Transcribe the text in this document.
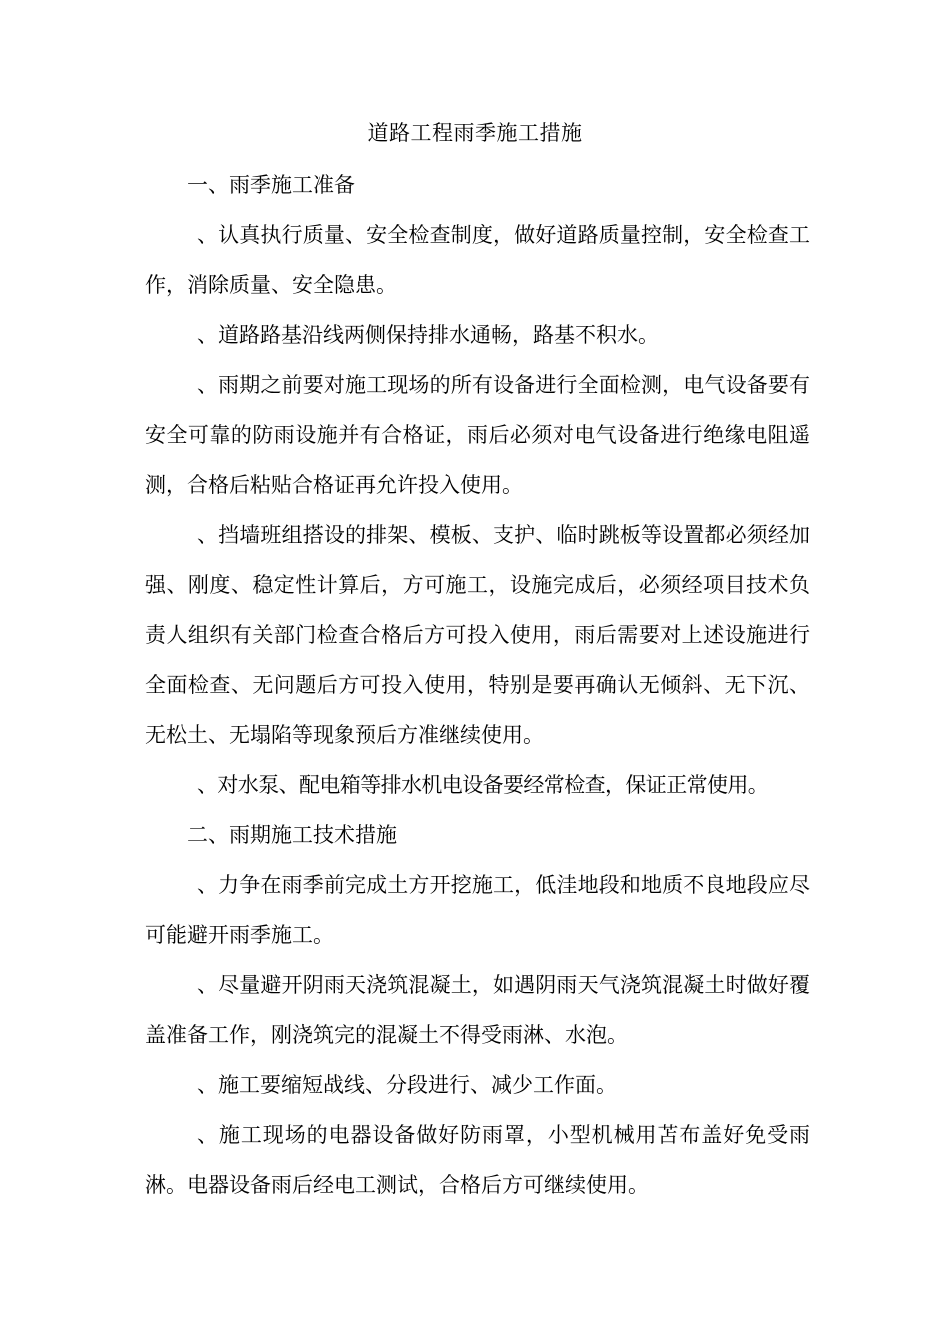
道路工程雨季施工措施

一、雨季施工准备

、认真执行质量、安全检查制度，做好道路质量控制，安全检查工作，消除质量、安全隐患。

、道路路基沿线两侧保持排水通畅，路基不积水。

、雨期之前要对施工现场的所有设备进行全面检测，电气设备要有安全可靠的防雨设施并有合格证，雨后必须对电气设备进行绝缘电阻遥测，合格后粘贴合格证再允许投入使用。

、挡墙班组搭设的排架、模板、支护、临时跳板等设置都必须经加强、刚度、稳定性计算后，方可施工，设施完成后，必须经项目技术负责人组织有关部门检查合格后方可投入使用，雨后需要对上述设施进行全面检查、无问题后方可投入使用，特别是要再确认无倾斜、无下沉、无松土、无塌陷等现象预后方准继续使用。

、对水泵、配电箱等排水机电设备要经常检查，保证正常使用。

二、雨期施工技术措施

、力争在雨季前完成土方开挖施工，低洼地段和地质不良地段应尽可能避开雨季施工。

、尽量避开阴雨天浇筑混凝土，如遇阴雨天气浇筑混凝土时做好覆盖准备工作，刚浇筑完的混凝土不得受雨淋、水泡。

、施工要缩短战线、分段进行、减少工作面。

、施工现场的电器设备做好防雨罩，小型机械用苫布盖好免受雨淋。电器设备雨后经电工测试，合格后方可继续使用。
